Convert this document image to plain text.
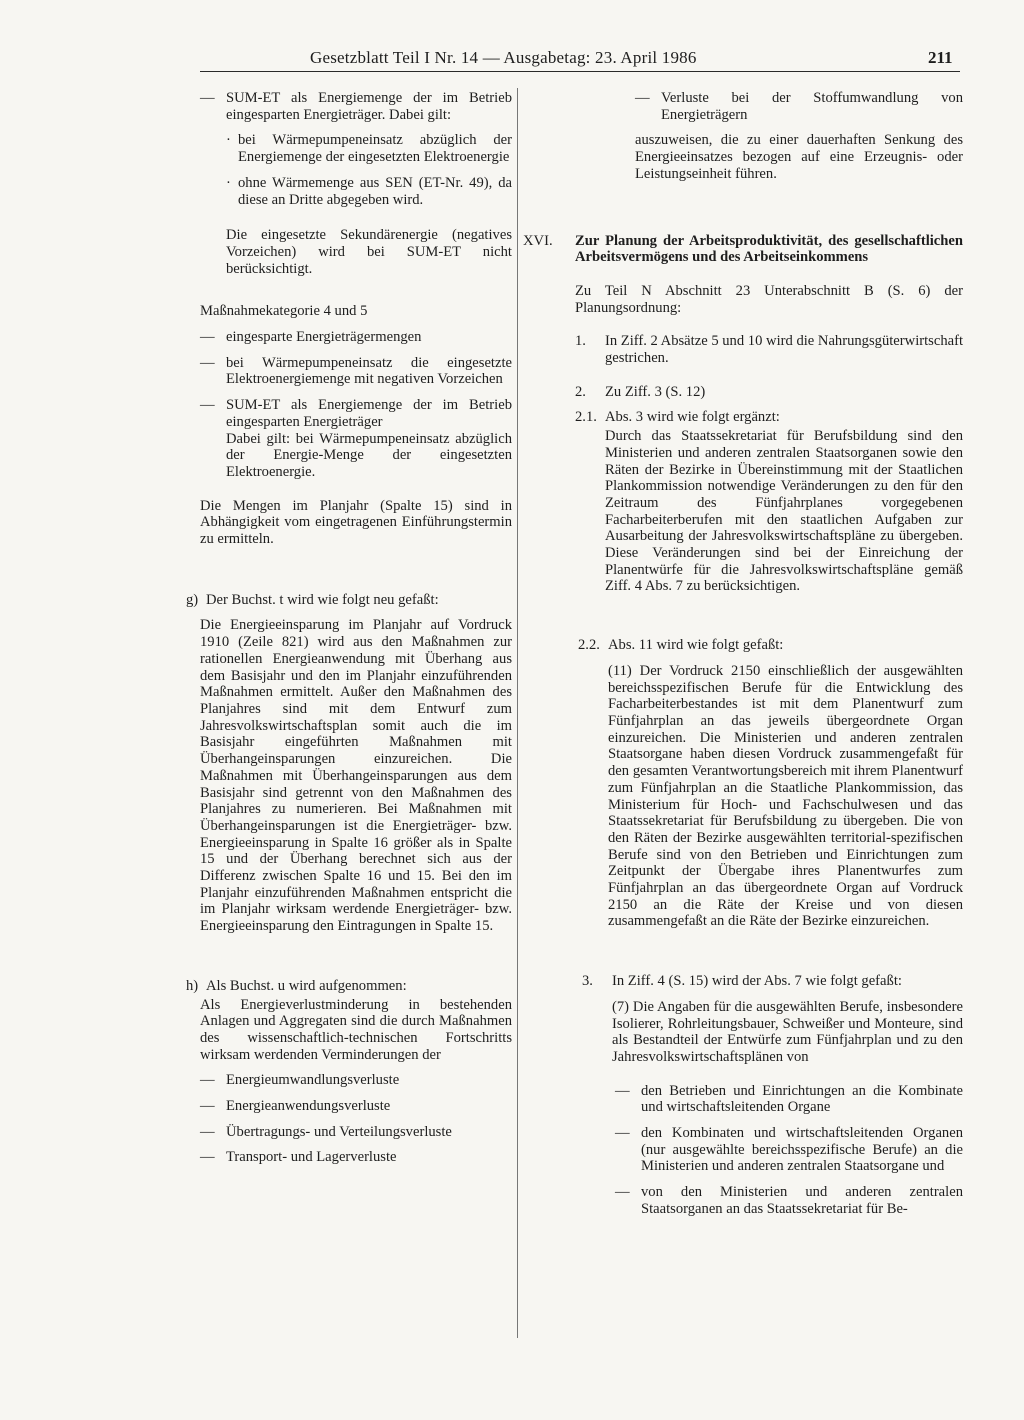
Gesetzblatt Teil I Nr. 14 — Ausgabetag: 23. April 1986	211
— SUM-ET als Energiemenge der im Betrieb eingesparten Energieträger. Dabei gilt:
· bei Wärmepumpeneinsatz abzüglich der Energiemenge der eingesetzten Elektroenergie
· ohne Wärmemenge aus SEN (ET-Nr. 49), da diese an Dritte abgegeben wird.

Die eingesetzte Sekundärenergie (negatives Vorzeichen) wird bei SUM-ET nicht berücksichtigt.

Maßnahmekategorie 4 und 5

— eingesparte Energieträgermengen
— bei Wärmepumpeneinsatz die eingesetzte Elektroenergiemenge mit negativen Vorzeichen
— SUM-ET als Energiemenge der im Betrieb eingesparten Energieträger

Dabei gilt: bei Wärmepumpeneinsatz abzüglich der Energie-Menge der eingesetzten Elektroenergie.

Die Mengen im Planjahr (Spalte 15) sind in Abhängigkeit vom eingetragenen Einführungstermin zu ermitteln.

g) Der Buchst. t wird wie folgt neu gefaßt:

Die Energieeinsparung im Planjahr auf Vordruck 1910 (Zeile 821) wird aus den Maßnahmen zur rationellen Energieanwendung mit Überhang aus dem Basisjahr und den im Planjahr einzuführenden Maßnahmen ermittelt. Außer den Maßnahmen des Planjahres sind mit dem Entwurf zum Jahresvolkswirtschaftsplan somit auch die im Basisjahr eingeführten Maßnahmen mit Überhangeinsparungen einzureichen. Die Maßnahmen mit Überhangeinsparungen aus dem Basisjahr sind getrennt von den Maßnahmen des Planjahres zu numerieren. Bei Maßnahmen mit Überhangeinsparungen ist die Energieträger- bzw. Energieeinsparung in Spalte 16 größer als in Spalte 15 und der Überhang berechnet sich aus der Differenz zwischen Spalte 16 und 15. Bei den im Planjahr einzuführenden Maßnahmen entspricht die im Planjahr wirksam werdende Energieträger- bzw. Energieeinsparung den Eintragungen in Spalte 15.

h) Als Buchst. u wird aufgenommen:

Als Energieverlustminderung in bestehenden Anlagen und Aggregaten sind die durch Maßnahmen des wissenschaftlich-technischen Fortschritts wirksam werdenden Verminderungen der

— Energieumwandlungsverluste
— Energieanwendungsverluste
— Übertragungs- und Verteilungsverluste
— Transport- und Lagerverluste
— Verluste bei der Stoffumwandlung von Energieträgern

auszuweisen, die zu einer dauerhaften Senkung des Energieeinsatzes bezogen auf eine Erzeugnis- oder Leistungseinheit führen.

XVI.	Zur Planung der Arbeitsproduktivität, des gesellschaftlichen Arbeitsvermögens und des Arbeitseinkommens

Zu Teil N Abschnitt 23 Unterabschnitt B (S. 6) der Planungsordnung:

1.	In Ziff. 2 Absätze 5 und 10 wird die Nahrungsgüterwirtschaft gestrichen.
2.	Zu Ziff. 3 (S. 12)
2.1. Abs. 3 wird wie folgt ergänzt:

Durch das Staatssekretariat für Berufsbildung sind den Ministerien und anderen zentralen Staatsorganen sowie den Räten der Bezirke in Übereinstimmung mit der Staatlichen Plankommission notwendige Veränderungen zu den für den Zeitraum des Fünfjahrplanes vorgegebenen Facharbeiterberufen mit den staatlichen Aufgaben zur Ausarbeitung der Jahresvolkswirtschaftspläne zu übergeben. Diese Veränderungen sind bei der Einreichung der Planentwürfe für die Jahresvolkswirtschaftspläne gemäß Ziff. 4 Abs. 7 zu berücksichtigen.

2.2. Abs. 11 wird wie folgt gefaßt:

(11) Der Vordruck 2150 einschließlich der ausgewählten bereichsspezifischen Berufe für die Entwicklung des Facharbeiterbestandes ist mit dem Planentwurf zum Fünfjahrplan an das jeweils übergeordnete Organ einzureichen. Die Ministerien und anderen zentralen Staatsorgane haben diesen Vordruck zusammengefaßt für den gesamten Verantwortungsbereich mit ihrem Planentwurf zum Fünfjahrplan an die Staatliche Plankommission, das Ministerium für Hoch- und Fachschulwesen und das Staatssekretariat für Berufsbildung zu übergeben. Die von den Räten der Bezirke ausgewählten territorial-spezifischen Berufe sind von den Betrieben und Einrichtungen zum Zeitpunkt der Übergabe ihres Planentwurfes zum Fünfjahrplan an das übergeordnete Organ auf Vordruck 2150 an die Räte der Kreise und von diesen zusammengefaßt an die Räte der Bezirke einzureichen.

3.	In Ziff. 4 (S. 15) wird der Abs. 7 wie folgt gefaßt:

(7) Die Angaben für die ausgewählten Berufe, insbesondere Isolierer, Rohrleitungsbauer, Schweißer und Monteure, sind als Bestandteil der Entwürfe zum Fünfjahrplan und zu den Jahresvolkswirtschaftsplänen von

— den Betrieben und Einrichtungen an die Kombinate und wirtschaftsleitenden Organe
— den Kombinaten und wirtschaftsleitenden Organen (nur ausgewählte bereichsspezifische Berufe) an die Ministerien und anderen zentralen Staatsorgane und
— von den Ministerien und anderen zentralen Staatsorganen an das Staatssekretariat für Be-
